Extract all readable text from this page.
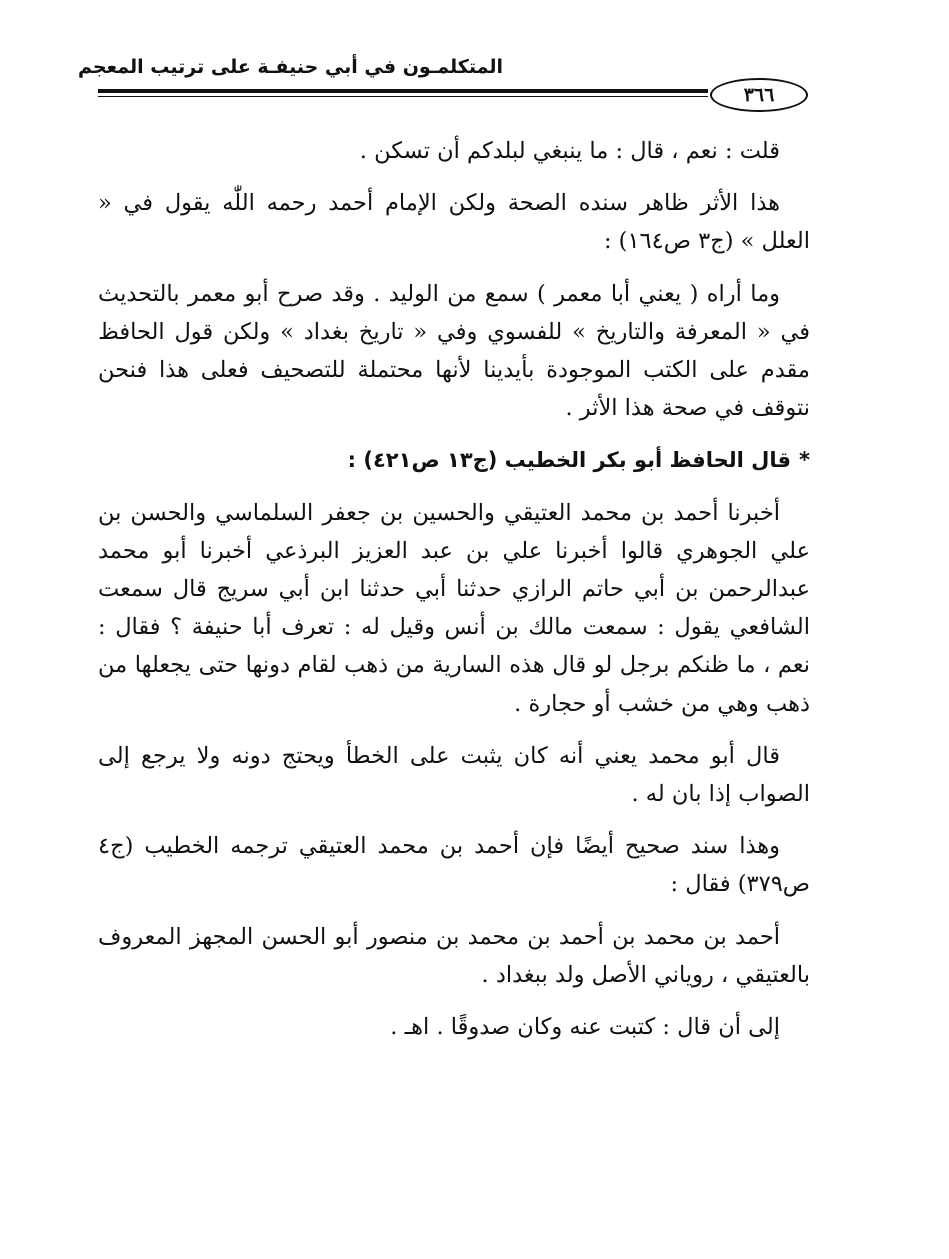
المتكلمـون في أبي حنيفـة على ترتيب المعجم
٣٦٦

قلت : نعم ، قال : ما ينبغي لبلدكم أن تسكن .

هذا الأثر ظاهر سنده الصحة ولكن الإمام أحمد رحمه اللّٰه يقول في « العلل » (ج٣ ص١٦٤) :

وما أراه ( يعني أبا معمر ) سمع من الوليد . وقد صرح أبو معمر بالتحديث في « المعرفة والتاريخ » للفسوي وفي « تاريخ بغداد » ولكن قول الحافظ مقدم على الكتب الموجودة بأيدينا لأنها محتملة للتصحيف فعلى هذا فنحن نتوقف في صحة هذا الأثر .

*قال الحافظ أبو بكر الخطيب (ج١٣ ص٤٢١) :

أخبرنا أحمد بن محمد العتيقي والحسين بن جعفر السلماسي والحسن بن علي الجوهري قالوا أخبرنا علي بن عبد العزيز البرذعي أخبرنا أبو محمد عبدالرحمن بن أبي حاتم الرازي حدثنا أبي حدثنا ابن أبي سريج قال سمعت الشافعي يقول : سمعت مالك بن أنس وقيل له : تعرف أبا حنيفة ؟ فقال : نعم ، ما ظنكم برجل لو قال هذه السارية من ذهب لقام دونها حتى يجعلها من ذهب وهي من خشب أو حجارة .

قال أبو محمد يعني أنه كان يثبت على الخطأ ويحتج دونه ولا يرجع إلى الصواب إذا بان له .

وهذا سند صحيح أيضًا فإن أحمد بن محمد العتيقي ترجمه الخطيب (ج٤ ص٣٧٩) فقال :

أحمد بن محمد بن أحمد بن محمد بن منصور أبو الحسن المجهز المعروف بالعتيقي ، روياني الأصل ولد ببغداد .

إلى أن قال : كتبت عنه وكان صدوقًا . اهـ .
